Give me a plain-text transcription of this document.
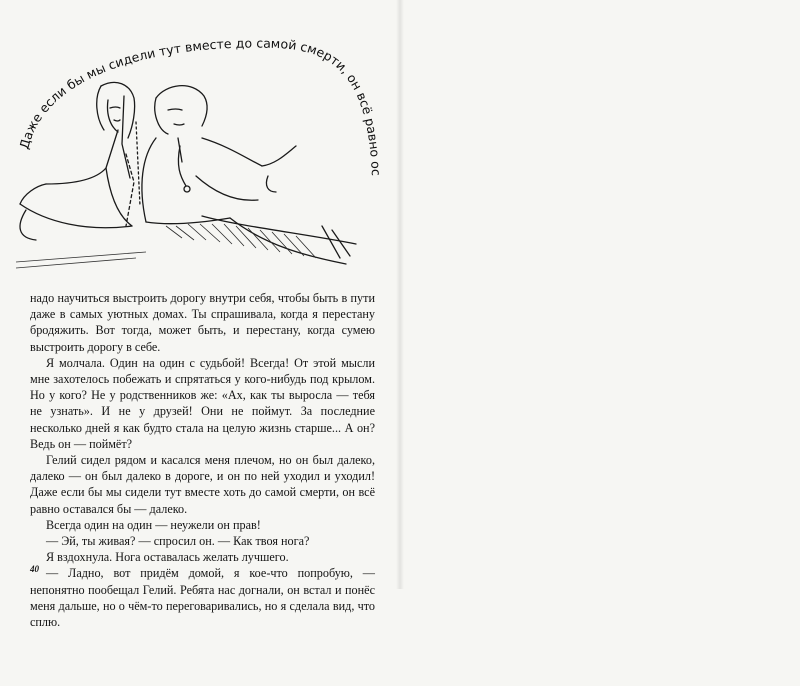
Даже если бы мы сидели тут вместе до самой смерти, он всё равно оставался бы далеко...

надо научиться выстроить дорогу внутри себя, чтобы быть в пути даже в самых уютных домах. Ты спрашивала, когда я перестану бродяжить. Вот тогда, может быть, и перестану, когда сумею выстроить дорогу в себе.

Я молчала. Один на один с судьбой! Всегда! От этой мысли мне захотелось побежать и спрятаться у кого-нибудь под крылом. Но у кого? Не у родственников же: «Ах, как ты выросла — тебя не узнать». И не у друзей! Они не поймут. За последние несколько дней я как будто стала на целую жизнь старше... А он? Ведь он — поймёт?

Гелий сидел рядом и касался меня плечом, но он был далеко, далеко — он был далеко в дороге, и он по ней уходил и уходил! Даже если бы мы сидели тут вместе хоть до самой смерти, он всё равно оставался бы — далеко.

Всегда один на один — неужели он прав!

— Эй, ты живая? — спросил он. — Как твоя нога?

Я вздохнула. Нога оставалась желать лучшего.

— Ладно, вот придём домой, я кое-что попробую, — непонятно пообещал Гелий. Ребята нас догнали, он встал и понёс меня дальше, но о чём-то переговаривались, но я сделала вид, что сплю.

40
